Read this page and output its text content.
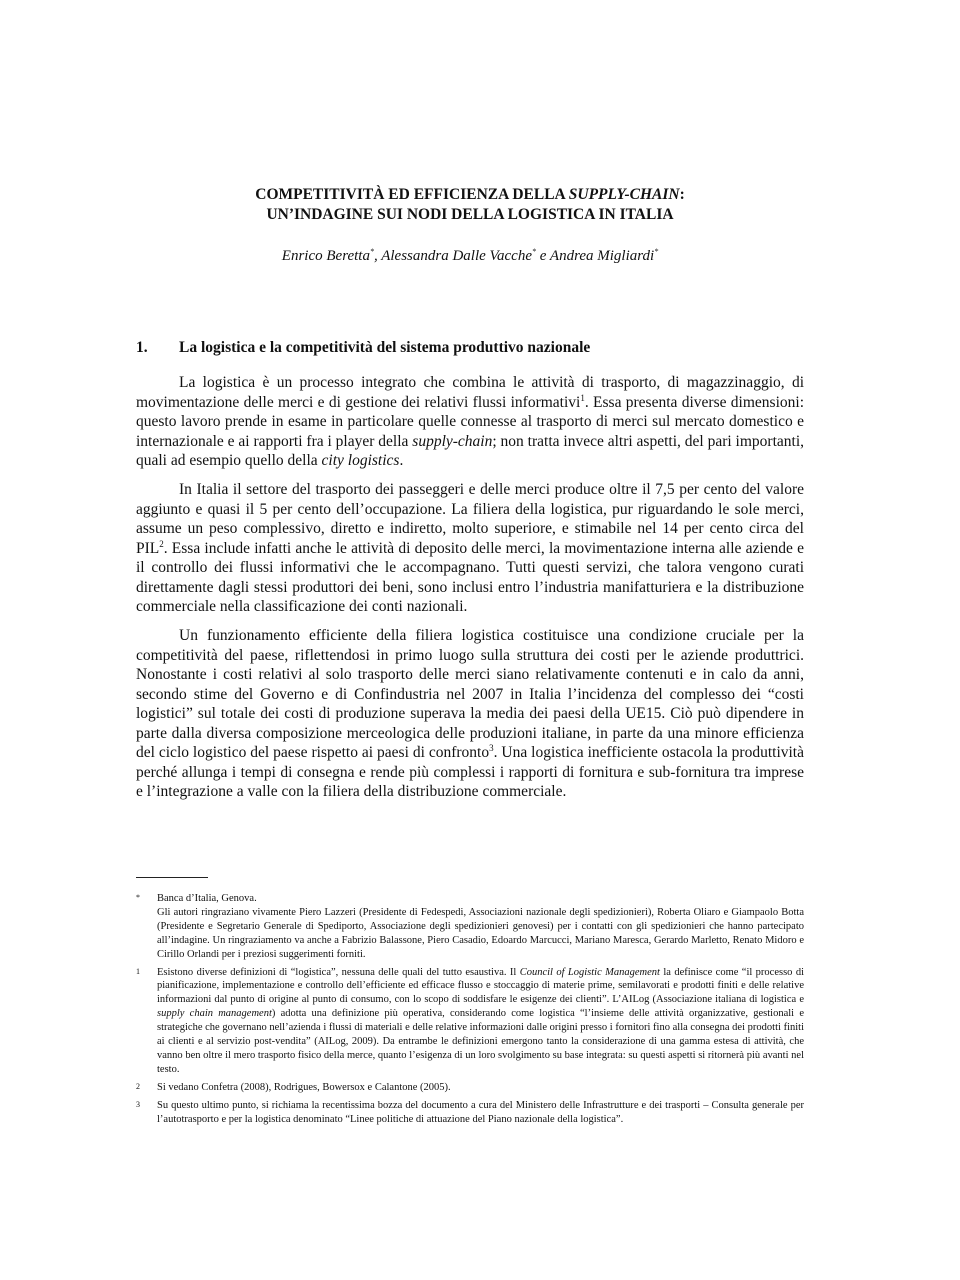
COMPETITIVITÀ ED EFFICIENZA DELLA SUPPLY-CHAIN:
UN’INDAGINE SUI NODI DELLA LOGISTICA IN ITALIA
Enrico Beretta*, Alessandra Dalle Vacche* e Andrea Migliardi*
1. La logistica e la competitività del sistema produttivo nazionale

La logistica è un processo integrato che combina le attività di trasporto, di magazzinaggio, di movimentazione delle merci e di gestione dei relativi flussi informativi$^1$. Essa presenta diverse dimensioni: questo lavoro prende in esame in particolare quelle connesse al trasporto di merci sul mercato domestico e internazionale e ai rapporti fra i player della supply-chain; non tratta invece altri aspetti, del pari importanti, quali ad esempio quello della city logistics.

In Italia il settore del trasporto dei passeggeri e delle merci produce oltre il 7,5 per cento del valore aggiunto e quasi il 5 per cento dell’occupazione. La filiera della logistica, pur riguardando le sole merci, assume un peso complessivo, diretto e indiretto, molto superiore, e stimabile nel 14 per cento circa del PIL$^2$. Essa include infatti anche le attività di deposito delle merci, la movimentazione interna alle aziende e il controllo dei flussi informativi che le accompagnano. Tutti questi servizi, che talora vengono curati direttamente dagli stessi produttori dei beni, sono inclusi entro l’industria manifatturiera e la distribuzione commerciale nella classificazione dei conti nazionali.

Un funzionamento efficiente della filiera logistica costituisce una condizione cruciale per la competitività del paese, riflettendosi in primo luogo sulla struttura dei costi per le aziende produttrici. Nonostante i costi relativi al solo trasporto delle merci siano relativamente contenuti e in calo da anni, secondo stime del Governo e di Confindustria nel 2007 in Italia l’incidenza del complesso dei “costi logistici” sul totale dei costi di produzione superava la media dei paesi della UE15. Ciò può dipendere in parte dalla diversa composizione merceologica delle produzioni italiane, in parte da una minore efficienza del ciclo logistico del paese rispetto ai paesi di confronto$^3$. Una logistica inefficiente ostacola la produttività perché allunga i tempi di consegna e rende più complessi i rapporti di fornitura e sub-fornitura tra imprese e l’integrazione a valle con la filiera della distribuzione commerciale.

* Banca d’Italia, Genova.
Gli autori ringraziano vivamente Piero Lazzeri (Presidente di Fedespedi, Associazioni nazionale degli spedizionieri), Roberta Oliaro e Giampaolo Botta (Presidente e Segretario Generale di Spediporto, Associazione degli spedizionieri genovesi) per i contatti con gli spedizionieri che hanno partecipato all’indagine. Un ringraziamento va anche a Fabrizio Balassone, Piero Casadio, Edoardo Marcucci, Mariano Maresca, Gerardo Marletto, Renato Midoro e Cirillo Orlandi per i preziosi suggerimenti forniti.
1 Esistono diverse definizioni di “logistica”, nessuna delle quali del tutto esaustiva. Il Council of Logistic Management la definisce come “il processo di pianificazione, implementazione e controllo dell’efficiente ed efficace flusso e stoccaggio di materie prime, semilavorati e prodotti finiti e delle relative informazioni dal punto di origine al punto di consumo, con lo scopo di soddisfare le esigenze dei clienti”. L’AILog (Associazione italiana di logistica e supply chain management) adotta una definizione più operativa, considerando come logistica “l’insieme delle attività organizzative, gestionali e strategiche che governano nell’azienda i flussi di materiali e delle relative informazioni dalle origini presso i fornitori fino alla consegna dei prodotti finiti ai clienti e al servizio post-vendita” (AILog, 2009). Da entrambe le definizioni emergono tanto la considerazione di una gamma estesa di attività, che vanno ben oltre il mero trasporto fisico della merce, quanto l’esigenza di un loro svolgimento su base integrata: su questi aspetti si ritornerà più avanti nel testo.
2 Si vedano Confetra (2008), Rodrigues, Bowersox e Calantone (2005).
3 Su questo ultimo punto, si richiama la recentissima bozza del documento a cura del Ministero delle Infrastrutture e dei trasporti – Consulta generale per l’autotrasporto e per la logistica denominato “Linee politiche di attuazione del Piano nazionale della logistica”.
